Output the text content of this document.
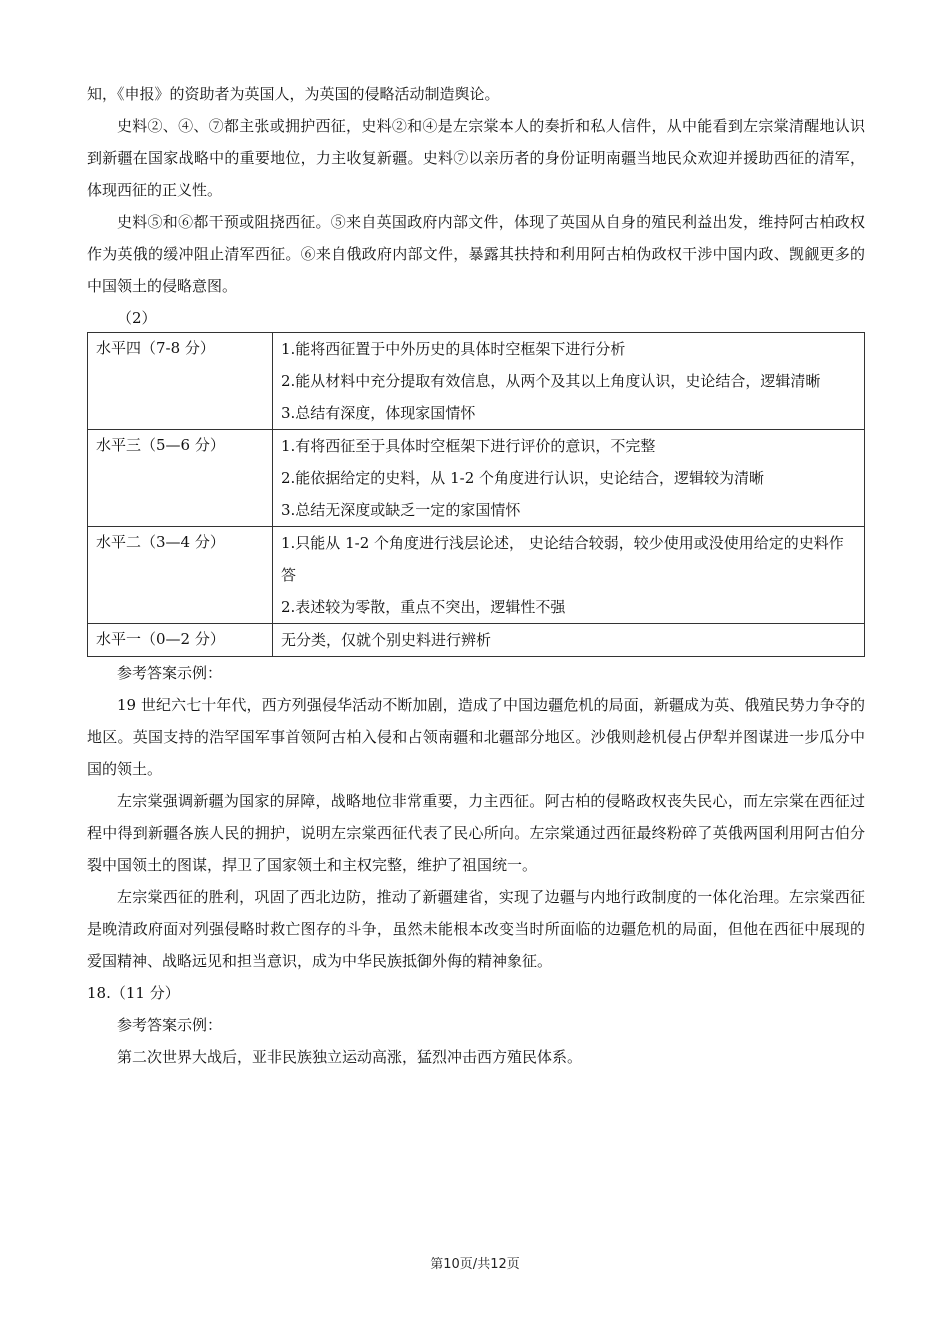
知，《申报》的资助者为英国人，为英国的侵略活动制造舆论。

史料②、④、⑦都主张或拥护西征，史料②和④是左宗棠本人的奏折和私人信件，从中能看到左宗棠清醒地认识到新疆在国家战略中的重要地位，力主收复新疆。史料⑦以亲历者的身份证明南疆当地民众欢迎并援助西征的清军，体现西征的正义性。

史料⑤和⑥都干预或阻挠西征。⑤来自英国政府内部文件，体现了英国从自身的殖民利益出发，维持阿古柏政权作为英俄的缓冲阻止清军西征。⑥来自俄政府内部文件，暴露其扶持和利用阿古柏伪政权干涉中国内政、觊觎更多的中国领土的侵略意图。

（2）

水平四（7-8 分）	1.能将西征置于中外历史的具体时空框架下进行分析
2.能从材料中充分提取有效信息，从两个及其以上角度认识，史论结合，逻辑清晰
3.总结有深度，体现家国情怀

水平三（5—6 分）	1.有将西征至于具体时空框架下进行评价的意识，不完整
2.能依据给定的史料，从 1-2 个角度进行认识，史论结合，逻辑较为清晰
3.总结无深度或缺乏一定的家国情怀

水平二（3—4 分）	1.只能从 1-2 个角度进行浅层论述， 史论结合较弱，较少使用或没使用给定的史料作答
2.表述较为零散，重点不突出，逻辑性不强

水平一（0—2 分）	无分类，仅就个别史料进行辨析

参考答案示例：

19 世纪六七十年代，西方列强侵华活动不断加剧，造成了中国边疆危机的局面，新疆成为英、俄殖民势力争夺的地区。英国支持的浩罕国军事首领阿古柏入侵和占领南疆和北疆部分地区。沙俄则趁机侵占伊犁并图谋进一步瓜分中国的领土。

左宗棠强调新疆为国家的屏障，战略地位非常重要，力主西征。阿古柏的侵略政权丧失民心，而左宗棠在西征过程中得到新疆各族人民的拥护，说明左宗棠西征代表了民心所向。左宗棠通过西征最终粉碎了英俄两国利用阿古伯分裂中国领土的图谋，捍卫了国家领土和主权完整，维护了祖国统一。

左宗棠西征的胜利，巩固了西北边防，推动了新疆建省，实现了边疆与内地行政制度的一体化治理。左宗棠西征是晚清政府面对列强侵略时救亡图存的斗争，虽然未能根本改变当时所面临的边疆危机的局面，但他在西征中展现的爱国精神、战略远见和担当意识，成为中华民族抵御外侮的精神象征。

18.（11 分）

参考答案示例：

第二次世界大战后，亚非民族独立运动高涨，猛烈冲击西方殖民体系。

第10页/共12页
